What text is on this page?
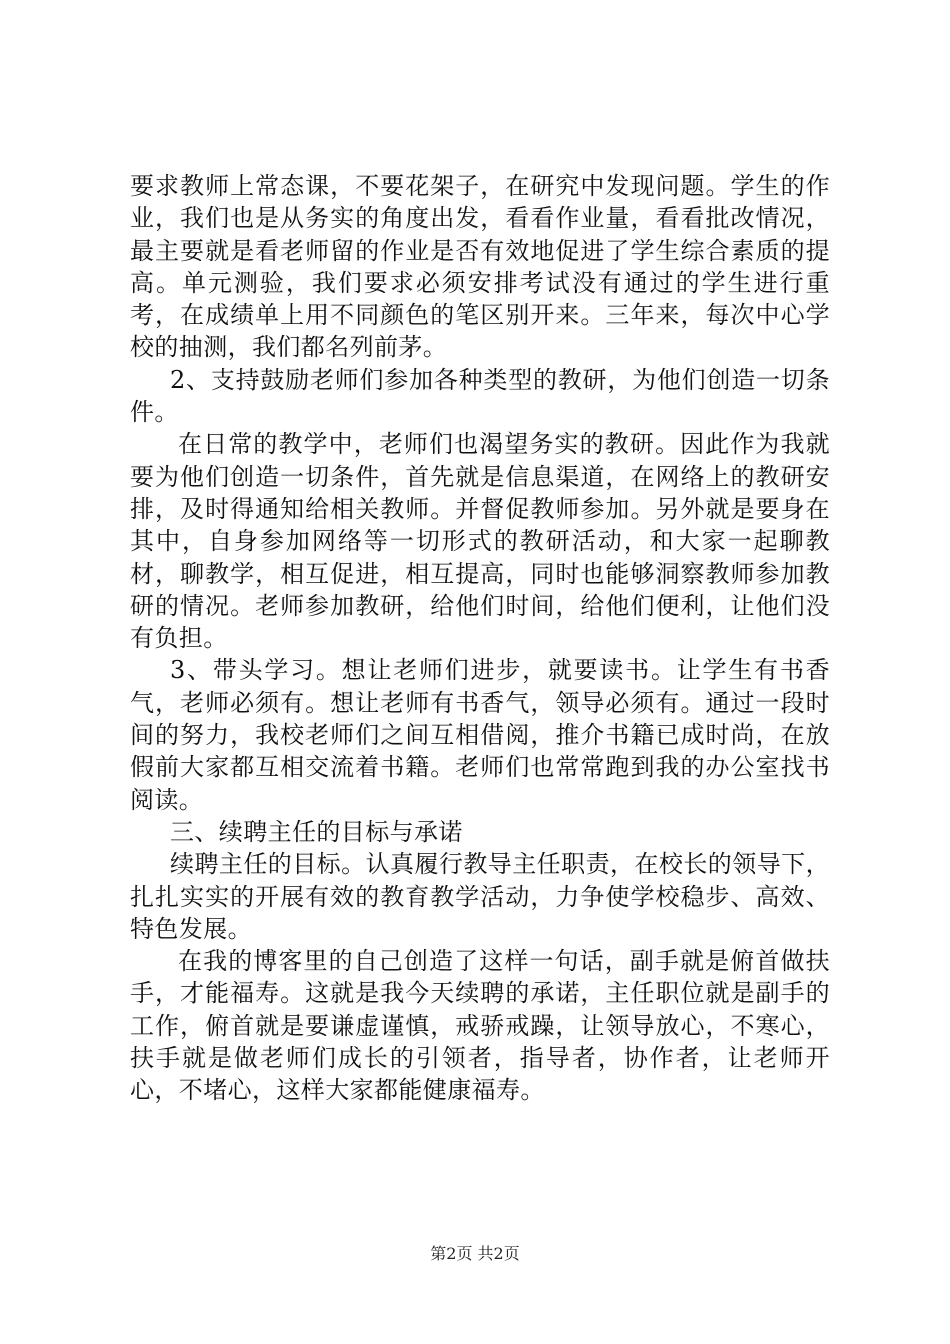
要求教师上常态课，不要花架子，在研究中发现问题。学生的作业，我们也是从务实的角度出发，看看作业量，看看批改情况，最主要就是看老师留的作业是否有效地促进了学生综合素质的提高。单元测验，我们要求必须安排考试没有通过的学生进行重考，在成绩单上用不同颜色的笔区别开来。三年来，每次中心学校的抽测，我们都名列前茅。

2、支持鼓励老师们参加各种类型的教研，为他们创造一切条件。

在日常的教学中，老师们也渴望务实的教研。因此作为我就要为他们创造一切条件，首先就是信息渠道，在网络上的教研安排，及时得通知给相关教师。并督促教师参加。另外就是要身在其中，自身参加网络等一切形式的教研活动，和大家一起聊教材，聊教学，相互促进，相互提高，同时也能够洞察教师参加教研的情况。老师参加教研，给他们时间，给他们便利，让他们没有负担。

3、带头学习。想让老师们进步，就要读书。让学生有书香气，老师必须有。想让老师有书香气，领导必须有。通过一段时间的努力，我校老师们之间互相借阅，推介书籍已成时尚，在放假前大家都互相交流着书籍。老师们也常常跑到我的办公室找书阅读。

三、续聘主任的目标与承诺

续聘主任的目标。认真履行教导主任职责，在校长的领导下，扎扎实实的开展有效的教育教学活动，力争使学校稳步、高效、特色发展。

在我的博客里的自己创造了这样一句话，副手就是俯首做扶手，才能福寿。这就是我今天续聘的承诺，主任职位就是副手的工作，俯首就是要谦虚谨慎，戒骄戒躁，让领导放心，不寒心，扶手就是做老师们成长的引领者，指导者，协作者，让老师开心，不堵心，这样大家都能健康福寿。

第2页 共2页
